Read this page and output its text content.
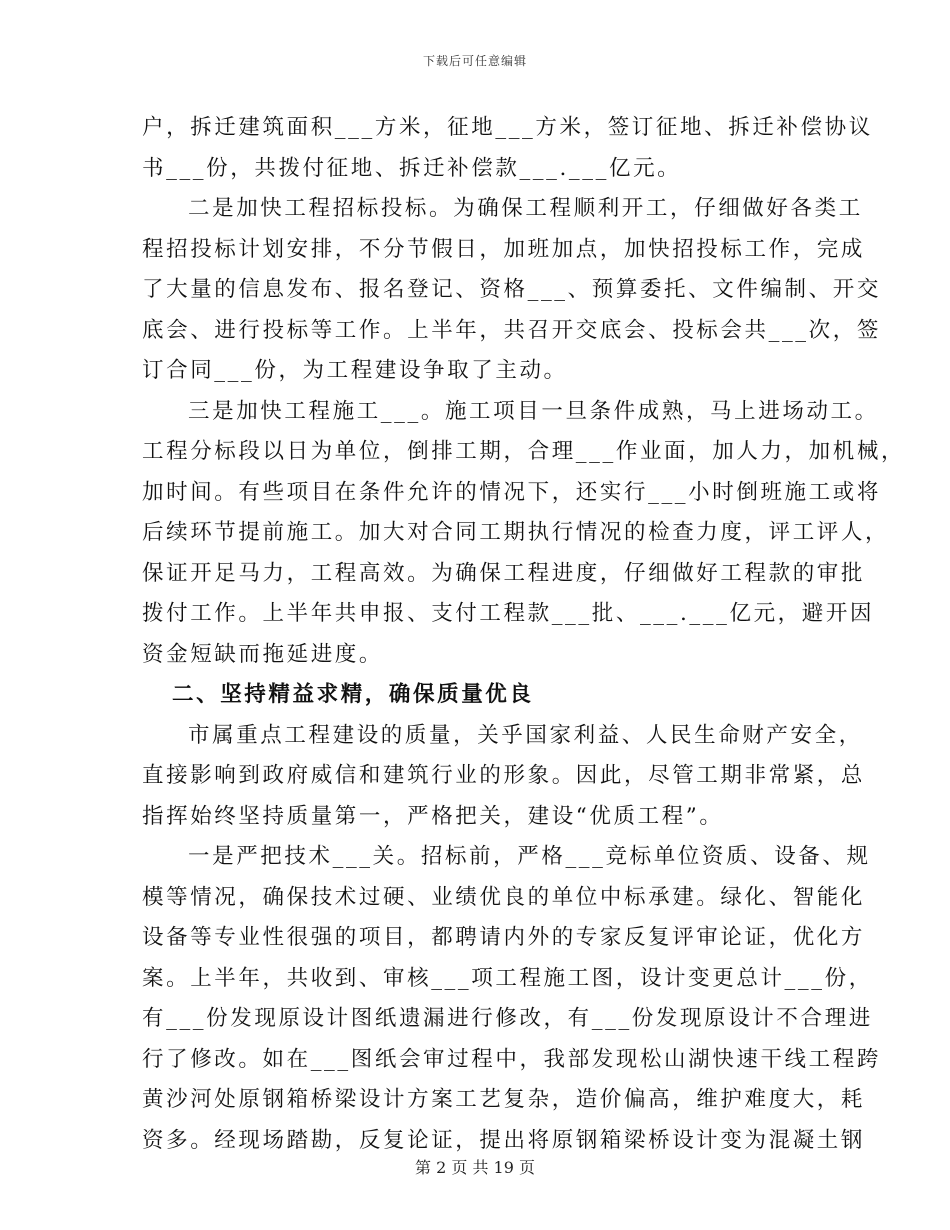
下载后可任意编辑
户，拆迁建筑面积___方米，征地___方米，签订征地、拆迁补偿协议
书___份，共拨付征地、拆迁补偿款___.___亿元。
二是加快工程招标投标。为确保工程顺利开工，仔细做好各类工
程招投标计划安排，不分节假日，加班加点，加快招投标工作，完成
了大量的信息发布、报名登记、资格___、预算委托、文件编制、开交
底会、进行投标等工作。上半年，共召开交底会、投标会共___次，签
订合同___份，为工程建设争取了主动。
三是加快工程施工___。施工项目一旦条件成熟，马上进场动工。
工程分标段以日为单位，倒排工期，合理___作业面，加人力，加机械，
加时间。有些项目在条件允许的情况下，还实行___小时倒班施工或将
后续环节提前施工。加大对合同工期执行情况的检查力度，评工评人，
保证开足马力，工程高效。为确保工程进度，仔细做好工程款的审批
拨付工作。上半年共申报、支付工程款___批、___.___亿元，避开因
资金短缺而拖延进度。
二、坚持精益求精，确保质量优良
市属重点工程建设的质量，关乎国家利益、人民生命财产安全，
直接影响到政府威信和建筑行业的形象。因此，尽管工期非常紧，总
指挥始终坚持质量第一，严格把关，建设“优质工程”。
一是严把技术___关。招标前，严格___竞标单位资质、设备、规
模等情况，确保技术过硬、业绩优良的单位中标承建。绿化、智能化
设备等专业性很强的项目，都聘请内外的专家反复评审论证，优化方
案。上半年，共收到、审核___项工程施工图，设计变更总计___份，
有___份发现原设计图纸遗漏进行修改，有___份发现原设计不合理进
行了修改。如在___图纸会审过程中，我部发现松山湖快速干线工程跨
黄沙河处原钢箱桥梁设计方案工艺复杂，造价偏高，维护难度大，耗
资多。经现场踏勘，反复论证，提出将原钢箱梁桥设计变为混凝土钢
第 2 页 共 19 页
